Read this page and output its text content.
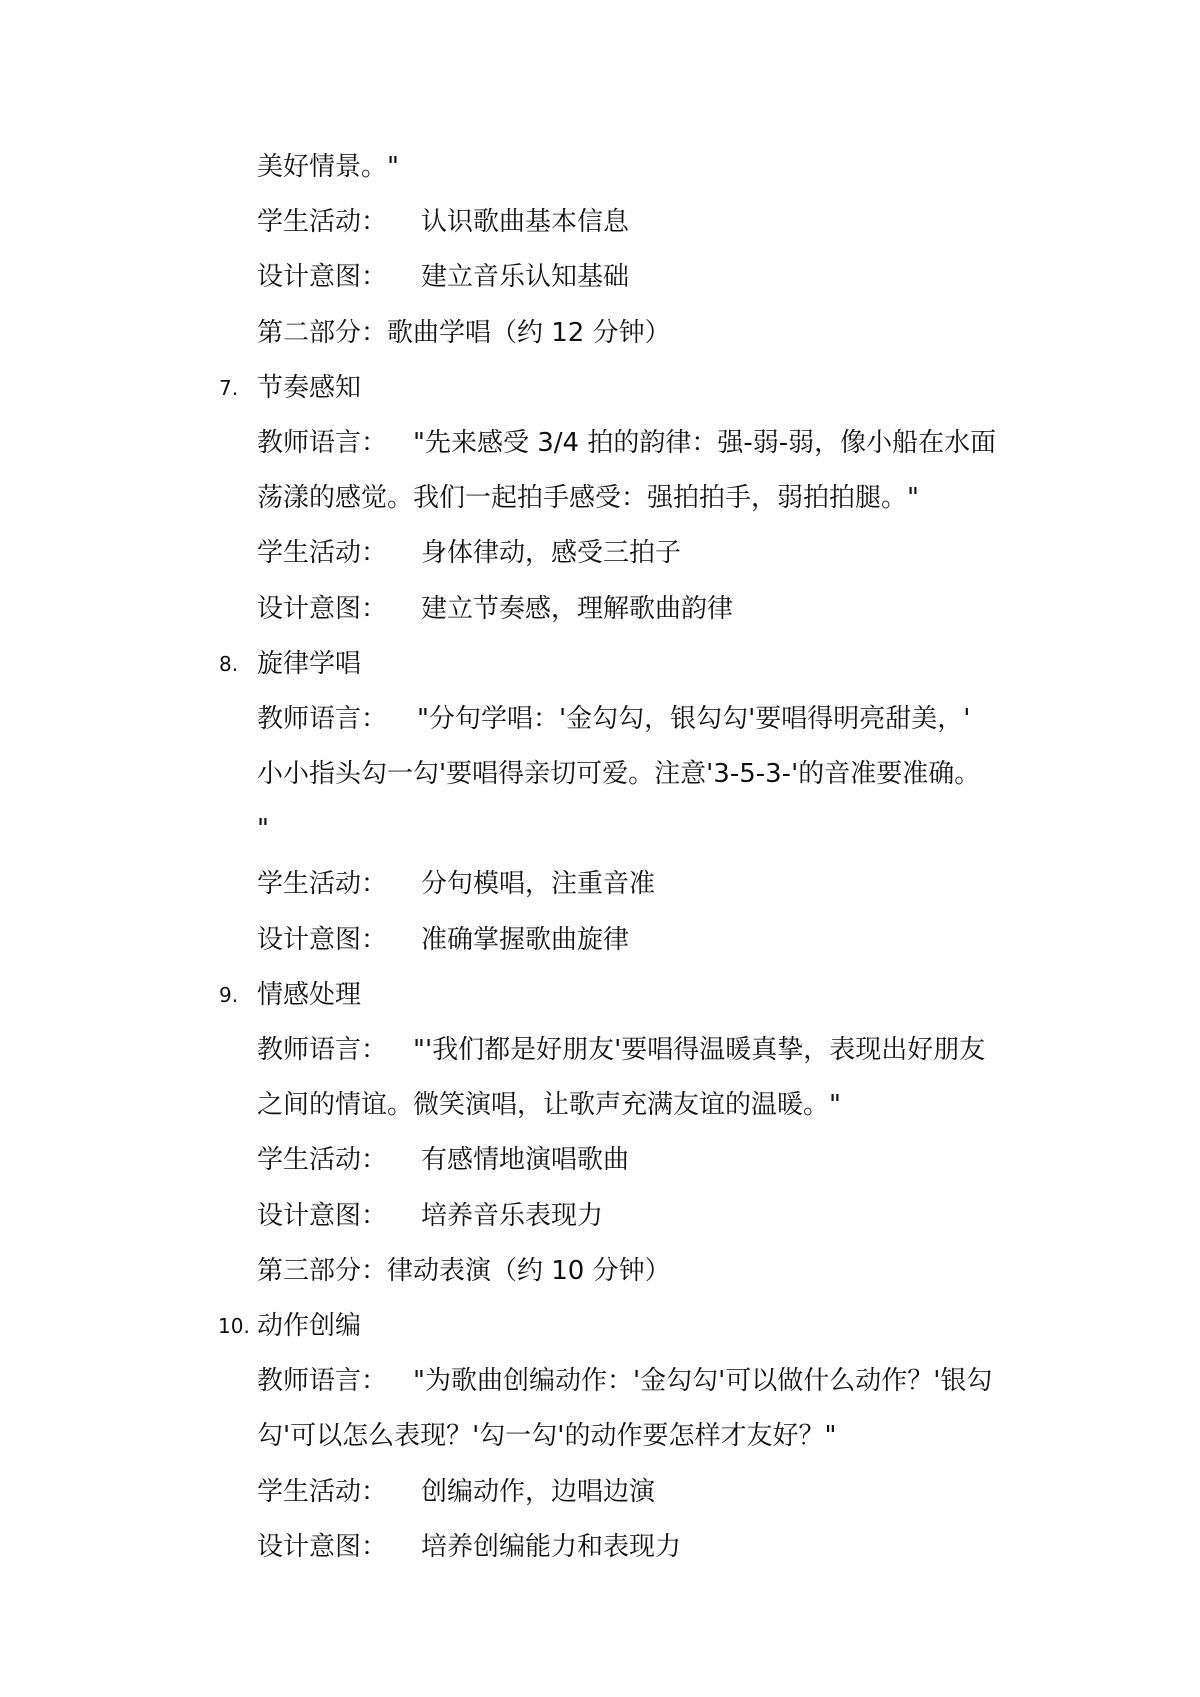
美好情景。"
学生活动： 认识歌曲基本信息
设计意图： 建立音乐认知基础
第二部分：歌曲学唱（约 12 分钟）
7. 节奏感知
教师语言： "先来感受 3/4 拍的韵律：强-弱-弱，像小船在水面
荡漾的感觉。我们一起拍手感受：强拍拍手，弱拍拍腿。"
学生活动： 身体律动，感受三拍子
设计意图： 建立节奏感，理解歌曲韵律
8. 旋律学唱
教师语言： "分句学唱：'金勾勾，银勾勾'要唱得明亮甜美，'
小小指头勾一勾'要唱得亲切可爱。注意'3-5-3-'的音准要准确。
"
学生活动： 分句模唱，注重音准
设计意图： 准确掌握歌曲旋律
9. 情感处理
教师语言： "'我们都是好朋友'要唱得温暖真挚，表现出好朋友
之间的情谊。微笑演唱，让歌声充满友谊的温暖。"
学生活动： 有感情地演唱歌曲
设计意图： 培养音乐表现力
第三部分：律动表演（约 10 分钟）
10. 动作创编
教师语言： "为歌曲创编动作：'金勾勾'可以做什么动作？'银勾
勾'可以怎么表现？'勾一勾'的动作要怎样才友好？"
学生活动： 创编动作，边唱边演
设计意图： 培养创编能力和表现力
